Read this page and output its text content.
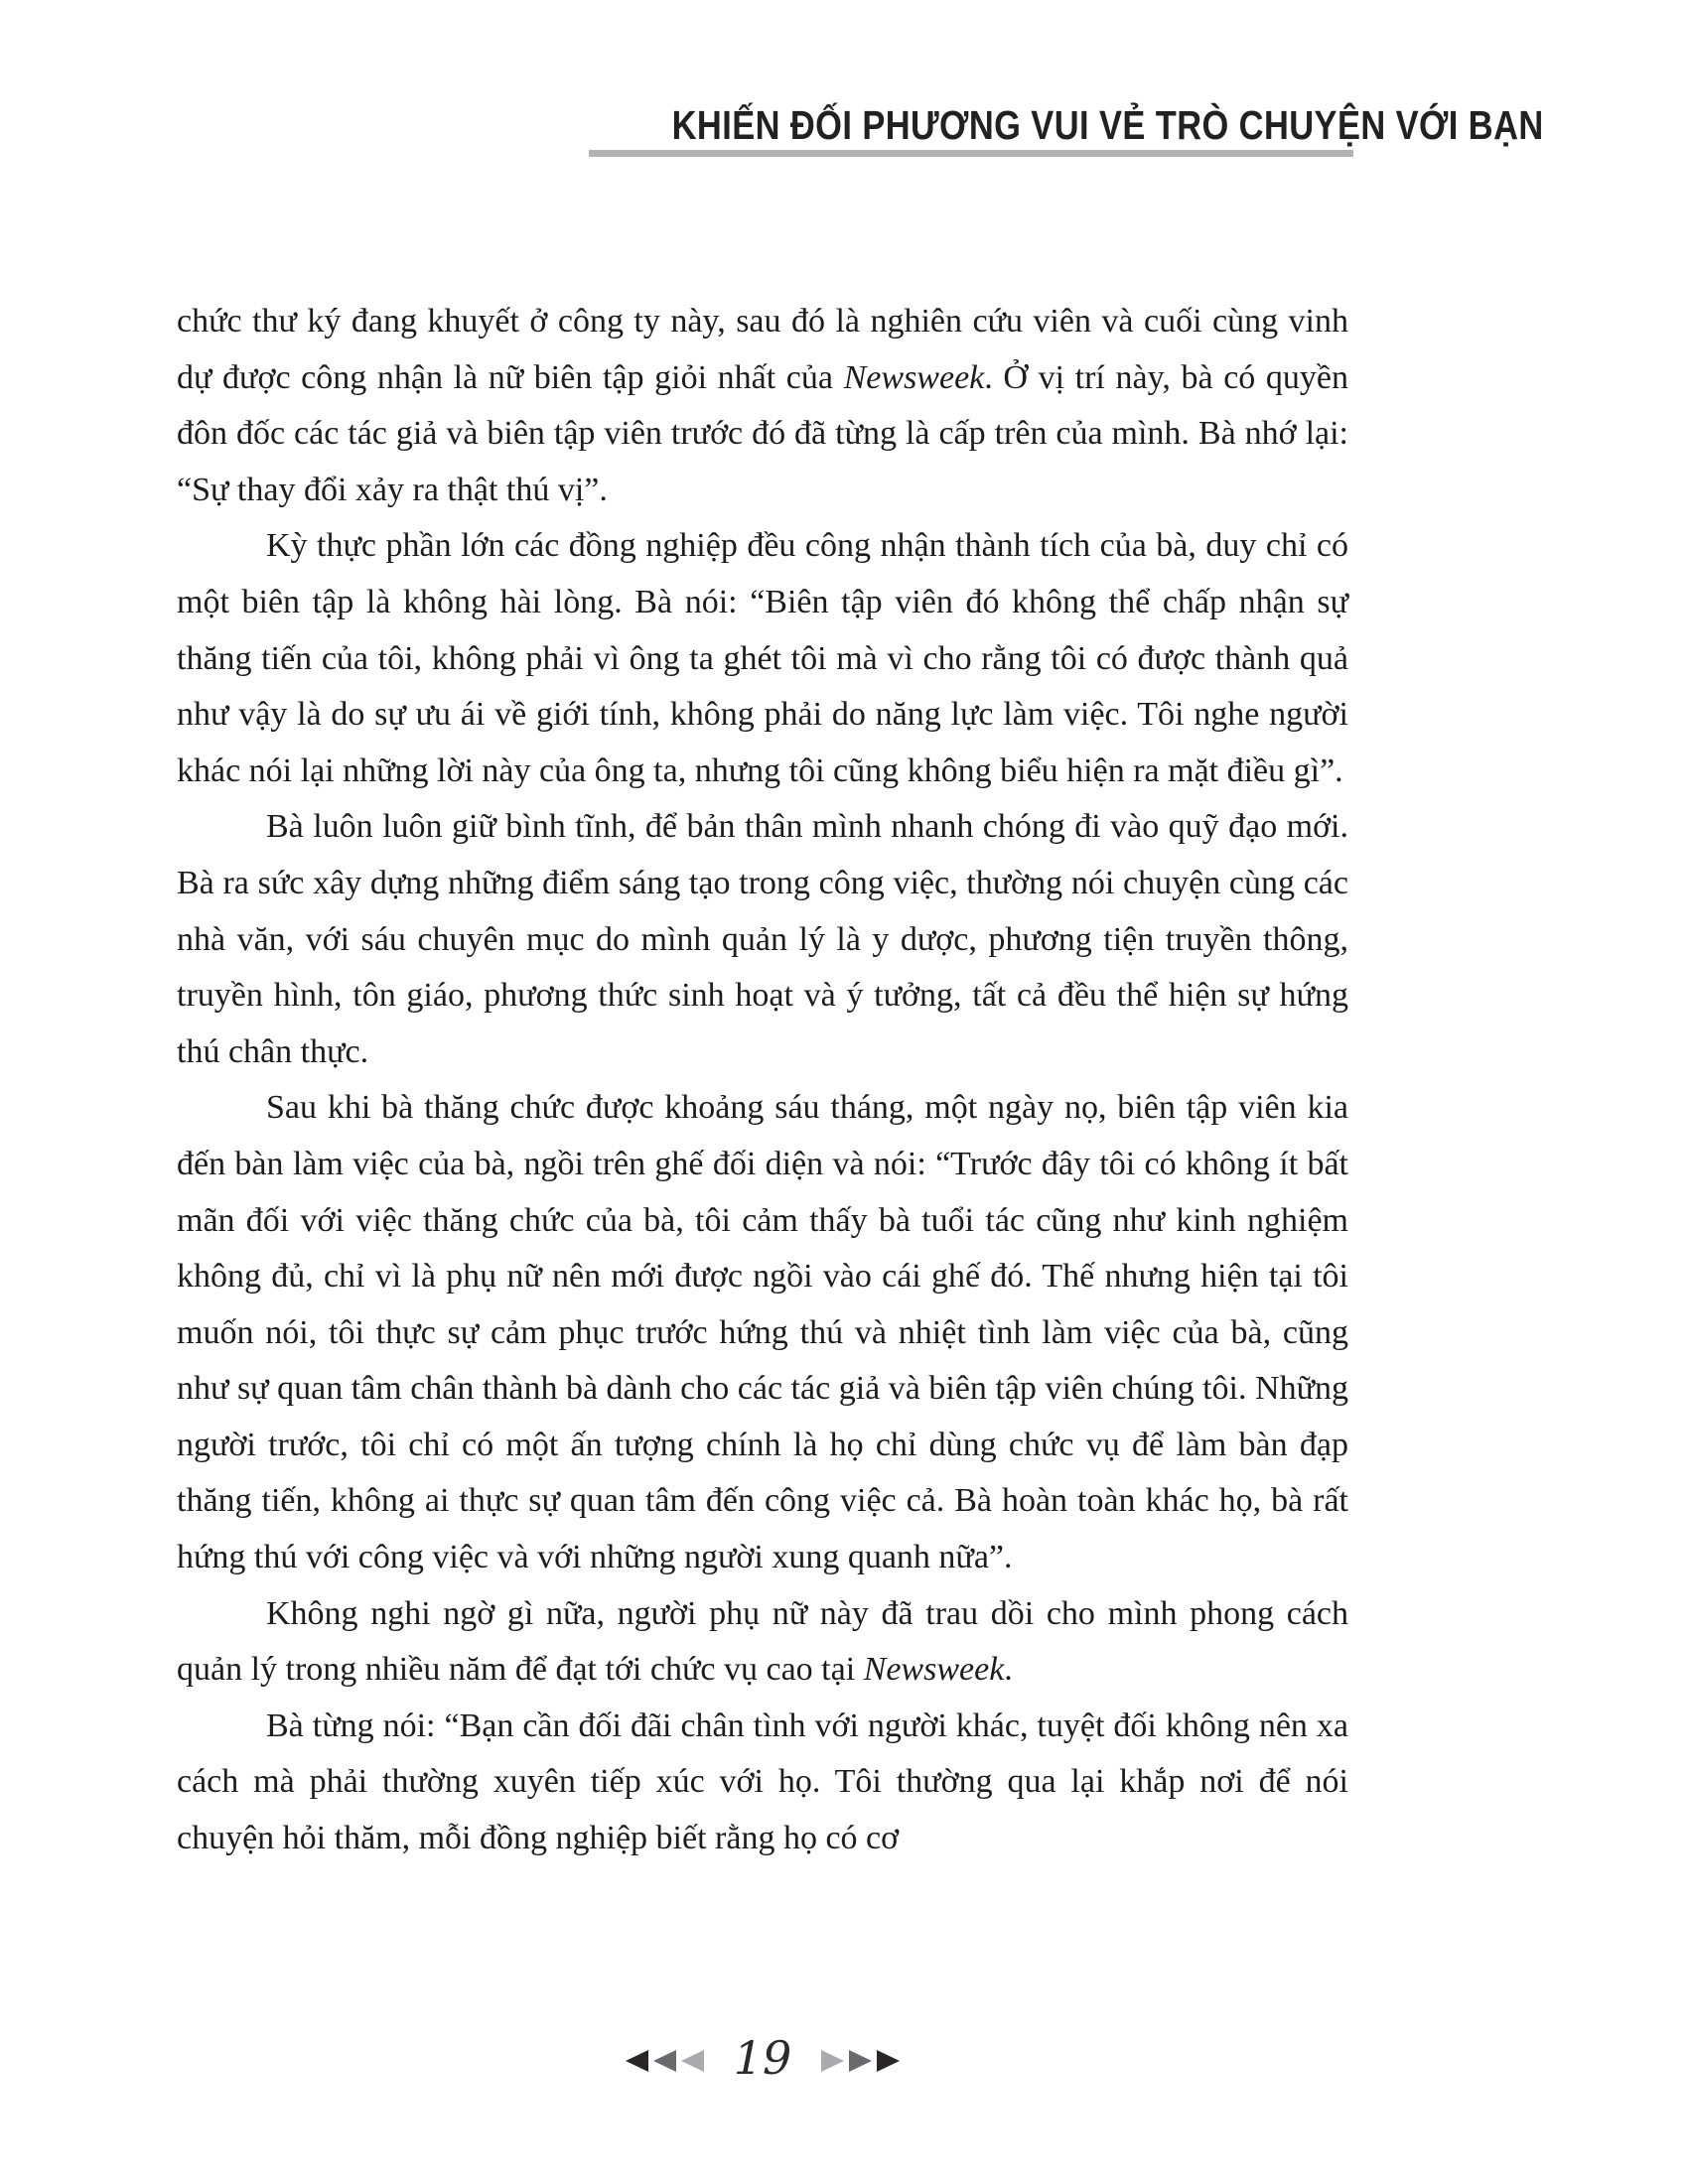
KHIẾN ĐỐI PHƯƠNG VUI VẺ TRÒ CHUYỆN VỚI BẠN

chức thư ký đang khuyết ở công ty này, sau đó là nghiên cứu viên và cuối cùng vinh dự được công nhận là nữ biên tập giỏi nhất của Newsweek. Ở vị trí này, bà có quyền đôn đốc các tác giả và biên tập viên trước đó đã từng là cấp trên của mình. Bà nhớ lại: “Sự thay đổi xảy ra thật thú vị”.

Kỳ thực phần lớn các đồng nghiệp đều công nhận thành tích của bà, duy chỉ có một biên tập là không hài lòng. Bà nói: “Biên tập viên đó không thể chấp nhận sự thăng tiến của tôi, không phải vì ông ta ghét tôi mà vì cho rằng tôi có được thành quả như vậy là do sự ưu ái về giới tính, không phải do năng lực làm việc. Tôi nghe người khác nói lại những lời này của ông ta, nhưng tôi cũng không biểu hiện ra mặt điều gì”.

Bà luôn luôn giữ bình tĩnh, để bản thân mình nhanh chóng đi vào quỹ đạo mới. Bà ra sức xây dựng những điểm sáng tạo trong công việc, thường nói chuyện cùng các nhà văn, với sáu chuyên mục do mình quản lý là y dược, phương tiện truyền thông, truyền hình, tôn giáo, phương thức sinh hoạt và ý tưởng, tất cả đều thể hiện sự hứng thú chân thực.

Sau khi bà thăng chức được khoảng sáu tháng, một ngày nọ, biên tập viên kia đến bàn làm việc của bà, ngồi trên ghế đối diện và nói: “Trước đây tôi có không ít bất mãn đối với việc thăng chức của bà, tôi cảm thấy bà tuổi tác cũng như kinh nghiệm không đủ, chỉ vì là phụ nữ nên mới được ngồi vào cái ghế đó. Thế nhưng hiện tại tôi muốn nói, tôi thực sự cảm phục trước hứng thú và nhiệt tình làm việc của bà, cũng như sự quan tâm chân thành bà dành cho các tác giả và biên tập viên chúng tôi. Những người trước, tôi chỉ có một ấn tượng chính là họ chỉ dùng chức vụ để làm bàn đạp thăng tiến, không ai thực sự quan tâm đến công việc cả. Bà hoàn toàn khác họ, bà rất hứng thú với công việc và với những người xung quanh nữa”.

Không nghi ngờ gì nữa, người phụ nữ này đã trau dồi cho mình phong cách quản lý trong nhiều năm để đạt tới chức vụ cao tại Newsweek.

Bà từng nói: “Bạn cần đối đãi chân tình với người khác, tuyệt đối không nên xa cách mà phải thường xuyên tiếp xúc với họ. Tôi thường qua lại khắp nơi để nói chuyện hỏi thăm, mỗi đồng nghiệp biết rằng họ có cơ

19
